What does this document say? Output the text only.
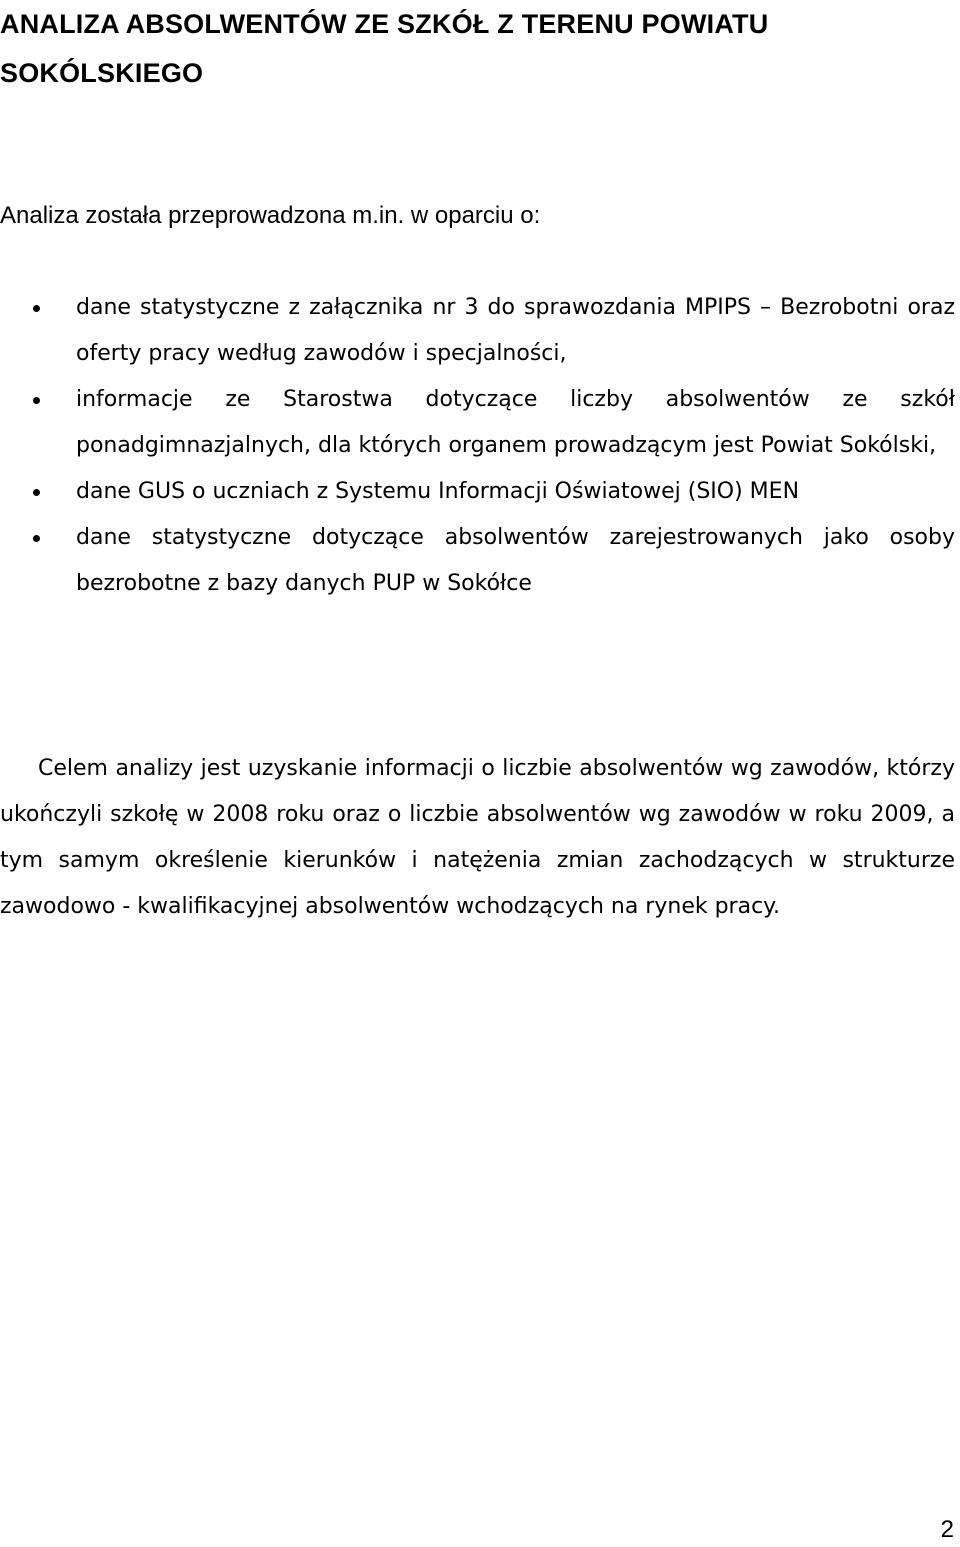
ANALIZA ABSOLWENTÓW ZE SZKÓŁ Z TERENU POWIATU SOKÓLSKIEGO

Analiza została przeprowadzona m.in. w oparciu o:

dane statystyczne z załącznika nr 3 do sprawozdania MPIPS – Bezrobotni oraz oferty pracy według zawodów i specjalności,
informacje ze Starostwa dotyczące liczby absolwentów ze szkół ponadgimnazjalnych, dla których organem prowadzącym jest Powiat Sokólski,
dane GUS o uczniach z Systemu Informacji Oświatowej (SIO) MEN
dane statystyczne dotyczące absolwentów zarejestrowanych jako osoby bezrobotne z bazy danych PUP w Sokółce

Celem analizy jest uzyskanie informacji o liczbie absolwentów wg zawodów, którzy ukończyli szkołę w 2008 roku oraz o liczbie absolwentów wg zawodów w roku 2009, a tym samym określenie kierunków i natężenia zmian zachodzących w strukturze zawodowo - kwalifikacyjnej absolwentów wchodzących na rynek pracy.

2
